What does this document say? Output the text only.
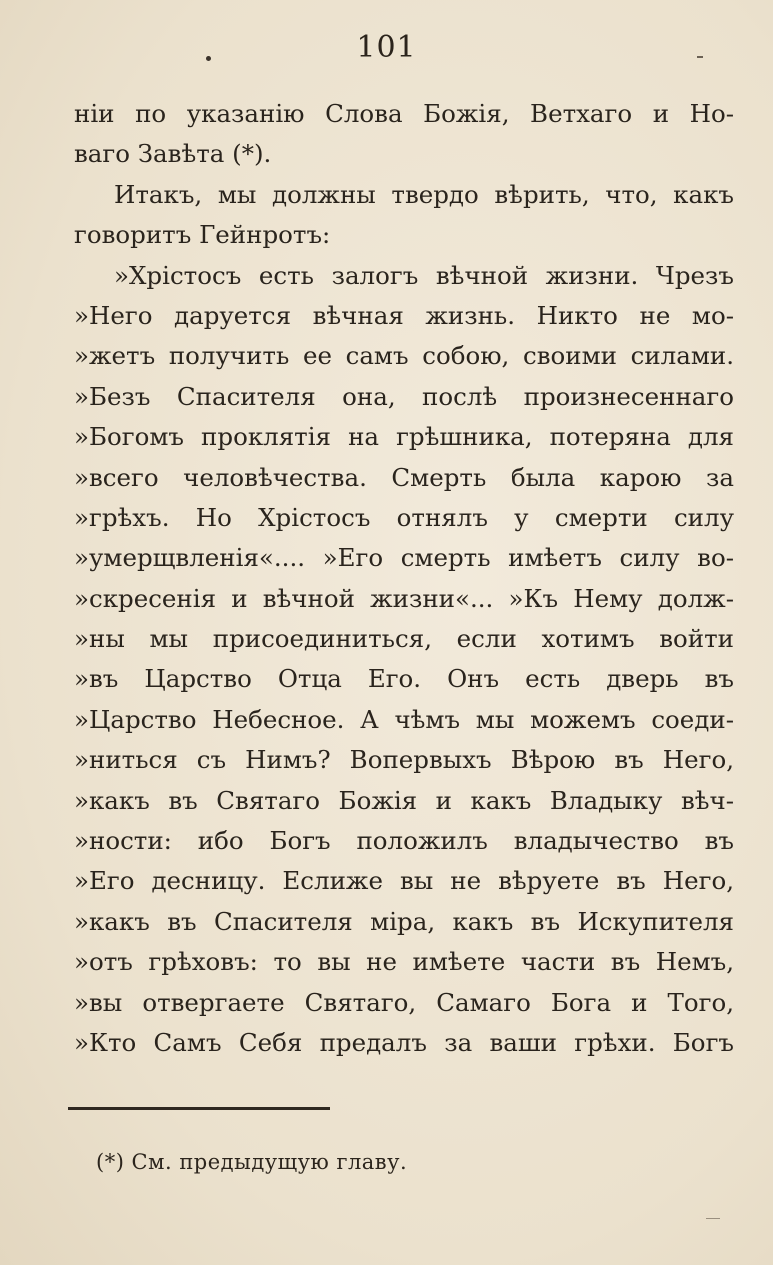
101
ніи по указанію Слова Божія, Ветхаго и Но-
ваго Завѣта (*).
Итакъ, мы должны твердо вѣрить, что, какъ
говоритъ Гейнротъ:
»Хрістосъ есть залогъ вѣчной жизни. Чрезъ
»Него даруется вѣчная жизнь. Никто не мо-
»жетъ получить ее самъ собою, своими силами.
»Безъ Спасителя она, послѣ произнесеннаго
»Богомъ проклятія на грѣшника, потеряна для
»всего человѣчества. Смерть была карою за
»грѣхъ. Но Хрістосъ отнялъ у смерти силу
»умерщвленія«.... »Его смерть имѣетъ силу во-
»скресенія и вѣчной жизни«... »Къ Нему долж-
»ны мы присоединиться, если хотимъ войти
»въ Царство Отца Его. Онъ есть дверь въ
»Царство Небесное. А чѣмъ мы можемъ соеди-
»ниться съ Нимъ? Вопервыхъ Вѣрою въ Него,
»какъ въ Святаго Божія и какъ Владыку вѣч-
»ности: ибо Богъ положилъ владычество въ
»Его десницу. Еслиже вы не вѣруете въ Него,
»какъ въ Спасителя міра, какъ въ Искупителя
»отъ грѣховъ: то вы не имѣете части въ Немъ,
»вы отвергаете Святаго, Самаго Бога и Того,
»Кто Самъ Себя предалъ за ваши грѣхи. Богъ
(*) См. предыдущую главу.
